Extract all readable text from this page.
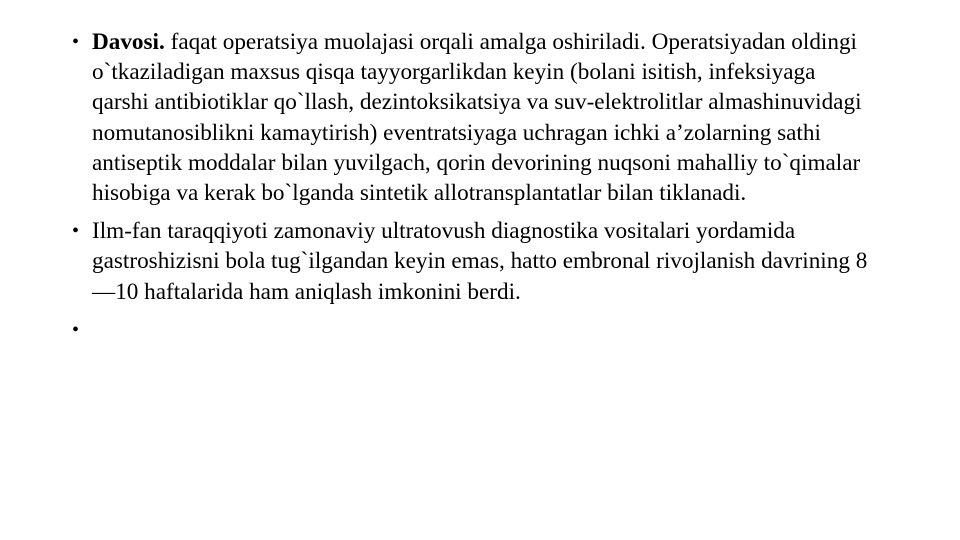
• Davosi. faqat operatsiya muolajasi orqali amalga oshiriladi. Operatsiyadan oldingi o`tkaziladigan maxsus qisqa tayyorgarlikdan keyin (bolani isitish, infeksiyaga qarshi antibiotiklar qo`llash, dezintoksikatsiya va suv-elektrolitlar almashinuvidagi nomutanosiblikni kamaytirish) eventratsiyaga uchragan ichki a’zolarning sathi antiseptik moddalar bilan yuvilgach, qorin devorining nuqsoni mahalliy to`qimalar hisobiga va kerak bo`lganda sintetik allotransplantatlar bilan tiklanadi.
• Ilm-fan taraqqiyoti zamonaviy ultratovush diagnostika vositalari yordamida gastroshizisni bola tug`ilgandan keyin emas, hatto embronal rivojlanish davrining 8—10 haftalarida ham aniqlash imkonini berdi.
•
